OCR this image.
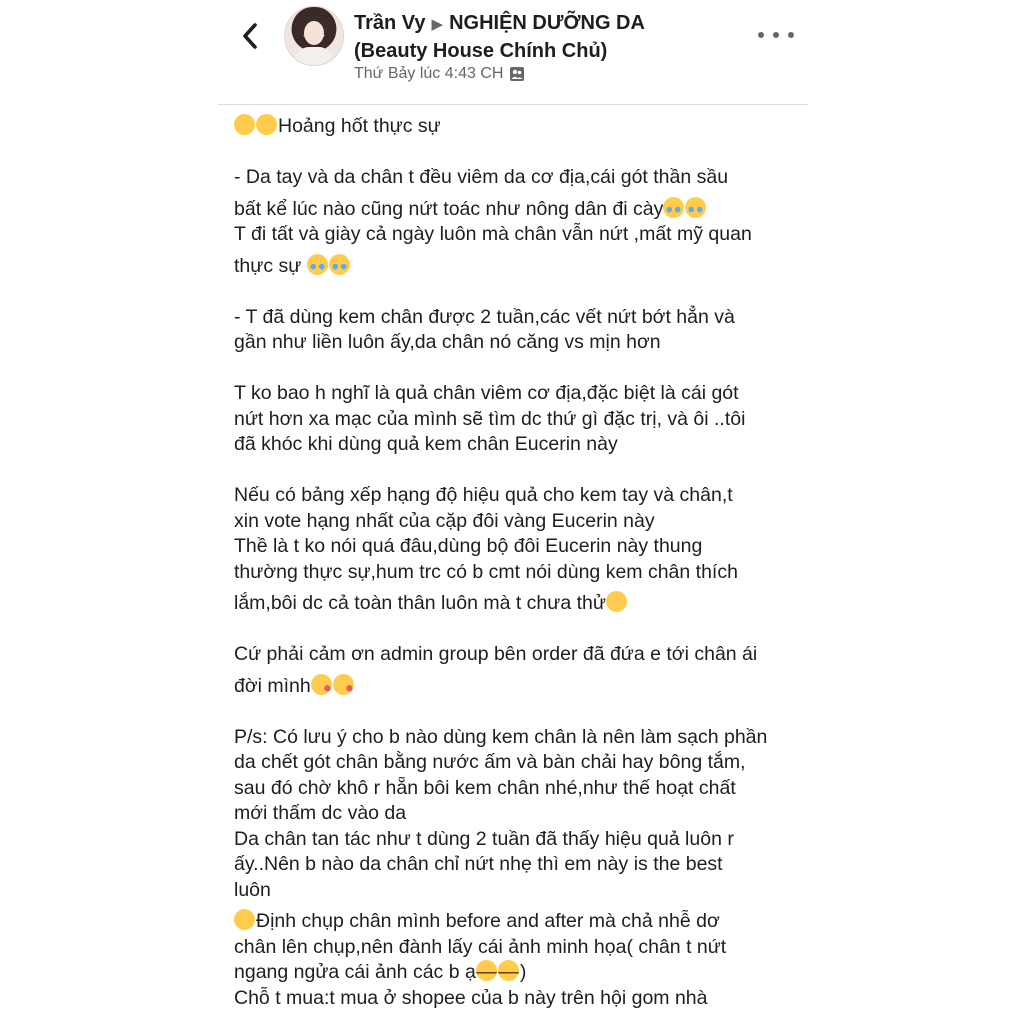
Trần Vy ▶ NGHIỆN DƯỠNG DA
(Beauty House Chính Chủ)
Thứ Bảy lúc 4:43 CH

Hoảng hốt thực sự

- Da tay và da chân t đều viêm da cơ địa,cái gót thần sầu

bất kể lúc nào cũng nứt toác như nông dân đi cày

T đi tất và giày cả ngày luôn mà chân vẫn nứt ,mất mỹ quan

thực sự

- T đã dùng kem chân được 2 tuần,các vết nứt bớt hẳn và

gần như liền luôn ấy,da chân nó căng vs mịn hơn

T ko bao h nghĩ là quả chân viêm cơ địa,đặc biệt là cái gót

nứt hơn xa mạc của mình sẽ tìm dc thứ gì đặc trị, và ôi ..tôi

đã khóc khi dùng quả kem chân Eucerin này

Nếu có bảng xếp hạng độ hiệu quả cho kem tay và chân,t

xin vote hạng nhất của cặp đôi vàng Eucerin này

Thề là t ko nói quá đâu,dùng bộ đôi Eucerin này thung

thường thực sự,hum trc có b cmt nói dùng kem chân thích

lắm,bôi dc cả toàn thân luôn mà t chưa thử

Cứ phải cảm ơn admin group bên order đã đứa e tới chân ái

đời mình

P/s: Có lưu ý cho b nào dùng kem chân là nên làm sạch phần

da chết gót chân bằng nước ấm và bàn chải hay bông tắm,

sau đó chờ khô r hẵn bôi kem chân nhé,như thế hoạt chất

mới thấm dc vào da

Da chân tan tác như t dùng 2 tuần đã thấy hiệu quả luôn r

ấy..Nên b nào da chân chỉ nứt nhẹ thì em này is the best

luôn

Định chụp chân mình before and after mà chả nhễ dơ

chân lên chụp,nên đành lấy cái ảnh minh họa( chân t nứt

ngang ngửa cái ảnh các b ạ )

Chỗ t mua:t mua ở shopee của b này trên hội gom nhà
